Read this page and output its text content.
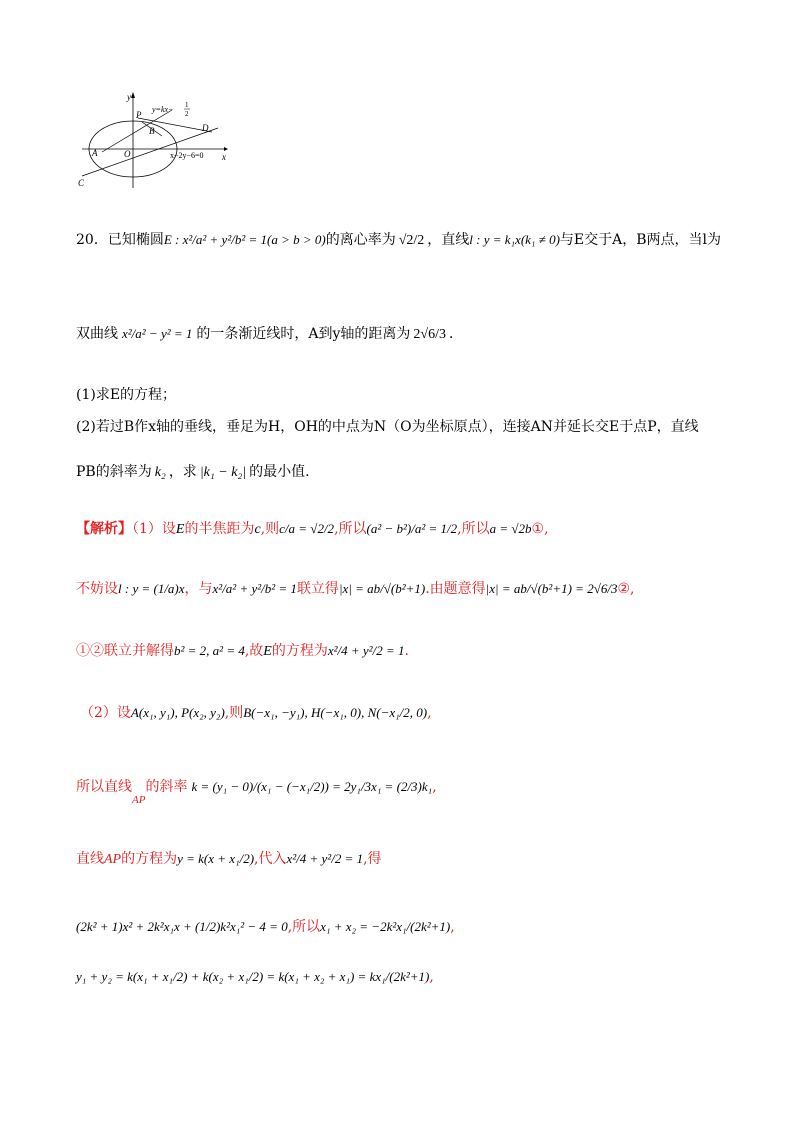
y
x
P
B	D
A	O
C
y=kx− 1
2
x−2y−6=0
20．已知椭圆E : x²/a² + y²/b² = 1(a > b > 0)的离心率为 √2/2 ，直线l : y = k₁x(k₁ ≠ 0)与E交于A，B两点，当l为
双曲线 x²/a² − y² = 1 的一条渐近线时，A到y轴的距离为 2√6/3 ．
(1)求E的方程；
(2)若过B作x轴的垂线，垂足为H，OH的中点为N（O为坐标原点），连接AN并延长交E于点P，直线
PB的斜率为 k₂ ，求 |k₁ − k₂| 的最小值.
【解析】（1）设E的半焦距为c,则c/a = √2/2,所以(a² − b²)/a² = 1/2,所以a = √2b①,
不妨设l : y = (1/a)x，与x²/a² + y²/b² = 1联立得|x| = ab/√(b²+1).由题意得|x| = ab/√(b²+1) = 2√6/3②,
①②联立并解得b² = 2, a² = 4,故E的方程为x²/4 + y²/2 = 1.
（2）设A(x₁, y₁), P(x₂, y₂),则B(−x₁, −y₁), H(−x₁, 0), N(−x₁/2, 0),
所以直线$_{AP}$的斜率 k = (y₁ − 0)/(x₁ − (−x₁/2)) = 2y₁/3x₁ = (2/3)k₁,
直线AP的方程为y = k(x + x₁/2),代入x²/4 + y²/2 = 1,得
(2k² + 1)x² + 2k²x₁x + (1/2)k²x₁² − 4 = 0,所以x₁ + x₂ = −2k²x₁/(2k²+1),
y₁ + y₂ = k(x₁ + x₁/2) + k(x₂ + x₁/2) = k(x₁ + x₂ + x₁) = kx₁/(2k²+1),
